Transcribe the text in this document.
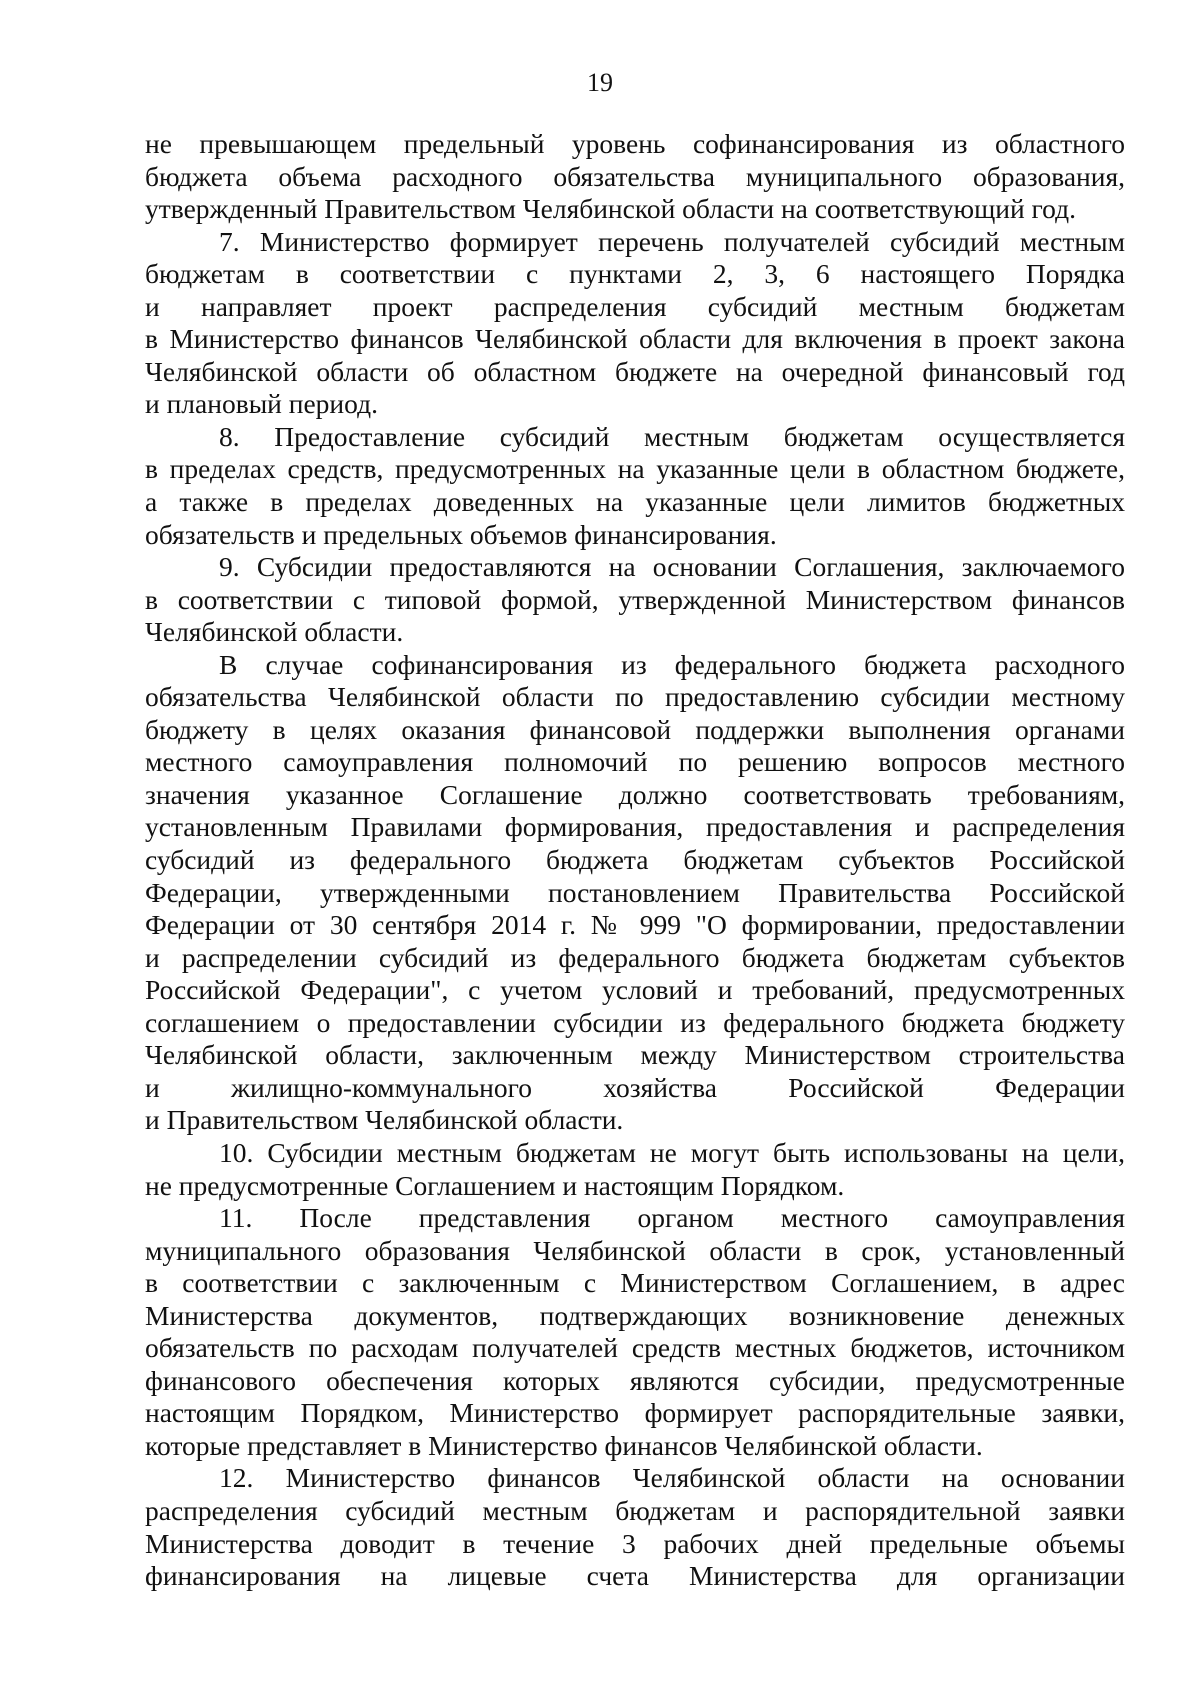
19
не превышающем предельный уровень софинансирования из областного
бюджета объема расходного обязательства муниципального образования,
утвержденный Правительством Челябинской области на соответствующий год.
7. Министерство формирует перечень получателей субсидий местным
бюджетам в соответствии с пунктами 2, 3, 6 настоящего Порядка
и направляет проект распределения субсидий местным бюджетам
в Министерство финансов Челябинской области для включения в проект закона
Челябинской области об областном бюджете на очередной финансовый год
и плановый период.
8. Предоставление субсидий местным бюджетам осуществляется
в пределах средств, предусмотренных на указанные цели в областном бюджете,
а также в пределах доведенных на указанные цели лимитов бюджетных
обязательств и предельных объемов финансирования.
9. Субсидии предоставляются на основании Соглашения, заключаемого
в соответствии с типовой формой, утвержденной Министерством финансов
Челябинской области.
В случае софинансирования из федерального бюджета расходного
обязательства Челябинской области по предоставлению субсидии местному
бюджету в целях оказания финансовой поддержки выполнения органами
местного самоуправления полномочий по решению вопросов местного
значения указанное Соглашение должно соответствовать требованиям,
установленным Правилами формирования, предоставления и распределения
субсидий из федерального бюджета бюджетам субъектов Российской
Федерации, утвержденными постановлением Правительства Российской
Федерации от 30 сентября 2014 г. № 999 "О формировании, предоставлении
и распределении субсидий из федерального бюджета бюджетам субъектов
Российской Федерации", с учетом условий и требований, предусмотренных
соглашением о предоставлении субсидии из федерального бюджета бюджету
Челябинской области, заключенным между Министерством строительства
и жилищно-коммунального хозяйства Российской Федерации
и Правительством Челябинской области.
10. Субсидии местным бюджетам не могут быть использованы на цели,
не предусмотренные Соглашением и настоящим Порядком.
11. После представления органом местного самоуправления
муниципального образования Челябинской области в срок, установленный
в соответствии с заключенным с Министерством Соглашением, в адрес
Министерства документов, подтверждающих возникновение денежных
обязательств по расходам получателей средств местных бюджетов, источником
финансового обеспечения которых являются субсидии, предусмотренные
настоящим Порядком, Министерство формирует распорядительные заявки,
которые представляет в Министерство финансов Челябинской области.
12. Министерство финансов Челябинской области на основании
распределения субсидий местным бюджетам и распорядительной заявки
Министерства доводит в течение 3 рабочих дней предельные объемы
финансирования на лицевые счета Министерства для организации
